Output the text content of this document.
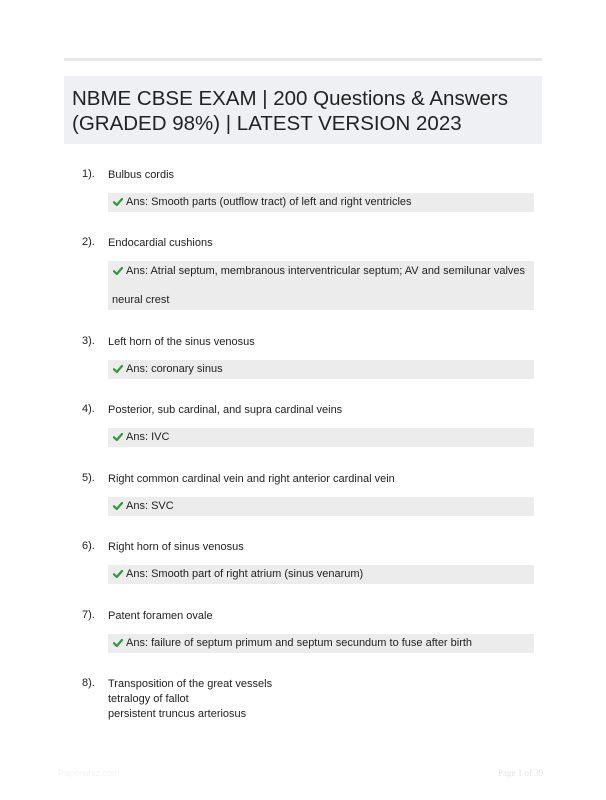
NBME CBSE EXAM | 200 Questions & Answers (GRADED 98%) | LATEST VERSION 2023
1). Bulbus cordis
Ans: Smooth parts (outflow tract) of left and right ventricles
2). Endocardial cushions
Ans: Atrial septum, membranous interventricular septum; AV and semilunar valves
neural crest
3). Left horn of the sinus venosus
Ans: coronary sinus
4). Posterior, sub cardinal, and supra cardinal veins
Ans: IVC
5). Right common cardinal vein and right anterior cardinal vein
Ans: SVC
6). Right horn of sinus venosus
Ans: Smooth part of right atrium (sinus venarum)
7). Patent foramen ovale
Ans: failure of septum primum and septum secundum to fuse after birth
8). Transposition of the great vessels
tetralogy of fallot
persistent truncus arteriosus
Paperwhiz.com	Page 1 of 39
